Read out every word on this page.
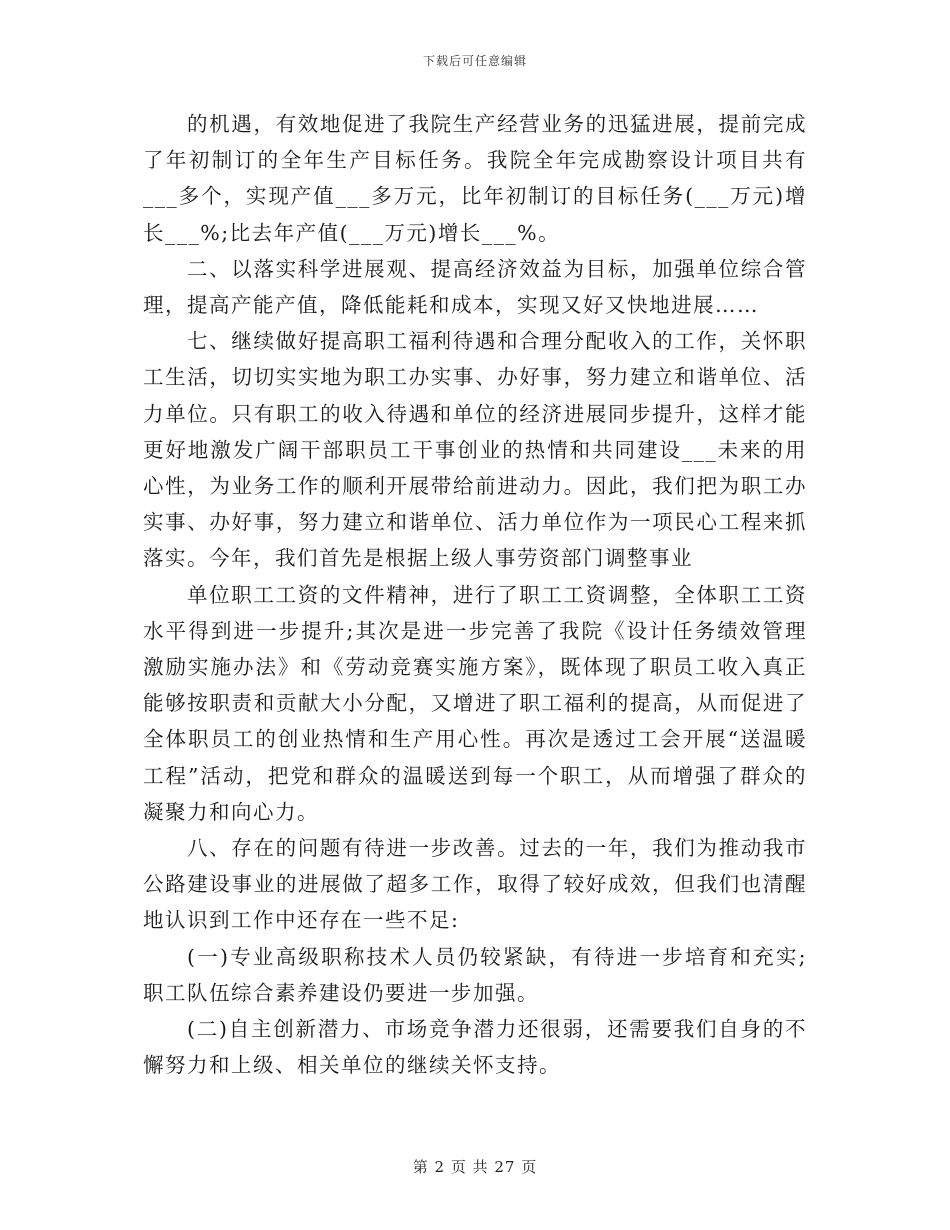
下载后可任意编辑

的机遇，有效地促进了我院生产经营业务的迅猛进展，提前完成了年初制订的全年生产目标任务。我院全年完成勘察设计项目共有___多个，实现产值___多万元，比年初制订的目标任务(___万元)增长___%;比去年产值(___万元)增长___%。

二、以落实科学进展观、提高经济效益为目标，加强单位综合管理，提高产能产值，降低能耗和成本，实现又好又快地进展……

七、继续做好提高职工福利待遇和合理分配收入的工作，关怀职工生活，切切实实地为职工办实事、办好事，努力建立和谐单位、活力单位。只有职工的收入待遇和单位的经济进展同步提升，这样才能更好地激发广阔干部职员工干事创业的热情和共同建设___未来的用心性，为业务工作的顺利开展带给前进动力。因此，我们把为职工办实事、办好事，努力建立和谐单位、活力单位作为一项民心工程来抓落实。今年，我们首先是根据上级人事劳资部门调整事业

单位职工工资的文件精神，进行了职工工资调整，全体职工工资水平得到进一步提升;其次是进一步完善了我院《设计任务绩效管理激励实施办法》和《劳动竞赛实施方案》，既体现了职员工收入真正能够按职责和贡献大小分配，又增进了职工福利的提高，从而促进了全体职员工的创业热情和生产用心性。再次是透过工会开展“送温暖工程”活动，把党和群众的温暖送到每一个职工，从而增强了群众的凝聚力和向心力。

八、存在的问题有待进一步改善。过去的一年，我们为推动我市公路建设事业的进展做了超多工作，取得了较好成效，但我们也清醒地认识到工作中还存在一些不足:

(一)专业高级职称技术人员仍较紧缺，有待进一步培育和充实;职工队伍综合素养建设仍要进一步加强。

(二)自主创新潜力、市场竞争潜力还很弱，还需要我们自身的不懈努力和上级、相关单位的继续关怀支持。

第 2 页 共 27 页
